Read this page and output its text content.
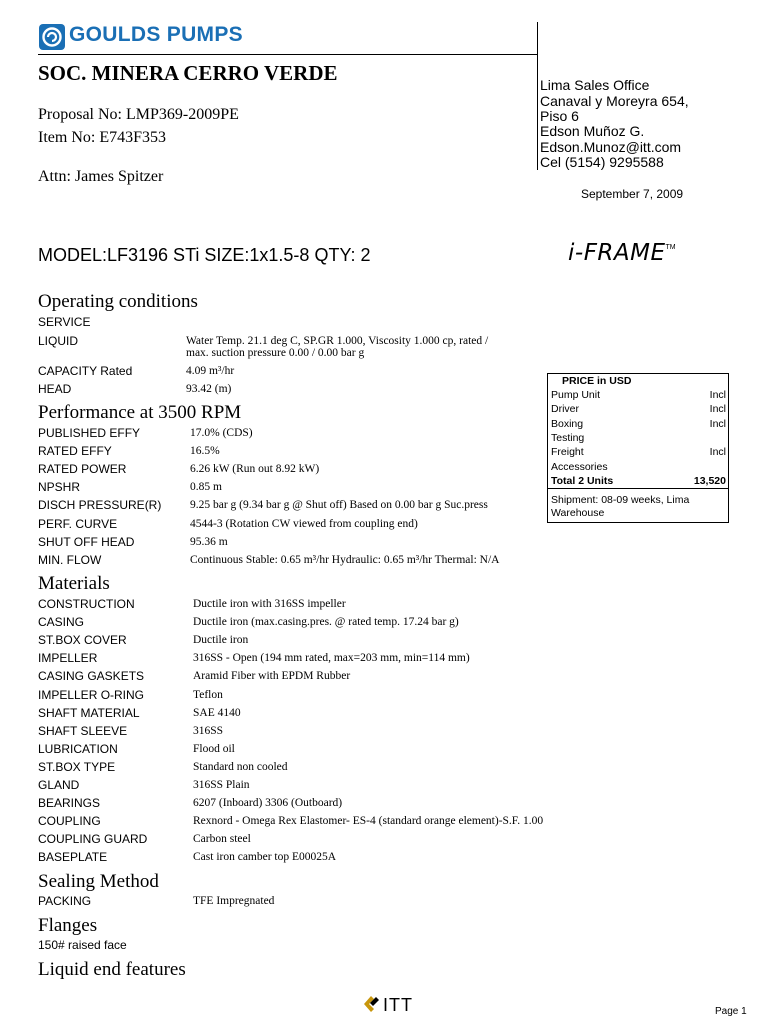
GOULDS PUMPS
SOC. MINERA CERRO VERDE
Proposal No: LMP369-2009PE
Item No: E743F353
Attn: James Spitzer
Lima Sales Office
Canaval y Moreyra 654,
Piso 6
Edson Muñoz G.
Edson.Munoz@itt.com
Cel (5154) 9295588
September 7, 2009
MODEL:LF3196 STi SIZE:1x1.5-8 QTY: 2	i-FRAME™
Operating conditions
SERVICE
LIQUID	Water Temp. 21.1 deg C, SP.GR 1.000, Viscosity 1.000 cp, rated /
max. suction pressure 0.00 / 0.00 bar g
CAPACITY Rated	4.09 m³/hr
HEAD	93.42 (m)
Performance at 3500 RPM
PUBLISHED EFFY	17.0% (CDS)
RATED EFFY	16.5%
RATED POWER	6.26 kW (Run out 8.92 kW)
NPSHR	0.85 m
DISCH PRESSURE(R) 9.25 bar g (9.34 bar g @ Shut off) Based on 0.00 bar g Suc.press
PERF. CURVE	4544-3 (Rotation CW viewed from coupling end)
SHUT OFF HEAD	95.36 m
MIN. FLOW	Continuous Stable: 0.65 m³/hr Hydraulic: 0.65 m³/hr Thermal: N/A
Materials
CONSTRUCTION	Ductile iron with 316SS impeller
CASING	Ductile iron (max.casing.pres. @ rated temp. 17.24 bar g)
ST.BOX COVER	Ductile iron
IMPELLER	316SS - Open (194 mm rated, max=203 mm, min=114 mm)
CASING GASKETS	Aramid Fiber with EPDM Rubber
IMPELLER O-RING	Teflon
SHAFT MATERIAL	SAE 4140
SHAFT SLEEVE	316SS
LUBRICATION	Flood oil
ST.BOX TYPE	Standard non cooled
GLAND	316SS Plain
BEARINGS	6207 (Inboard) 3306 (Outboard)
COUPLING	Rexnord - Omega Rex Elastomer- ES-4 (standard orange element)-S.F. 1.00
COUPLING GUARD	Carbon steel
BASEPLATE	Cast iron camber top E00025A
Sealing Method
PACKING	TFE Impregnated
Flanges
150# raised face
Liquid end features
PRICE in USD
Pump Unit	Incl
Driver	Incl
Boxing	Incl
Testing
Freight	Incl
Accessories
Total 2 Units	13,520
Shipment: 08-09 weeks, Lima Warehouse
ITT	Page 1
